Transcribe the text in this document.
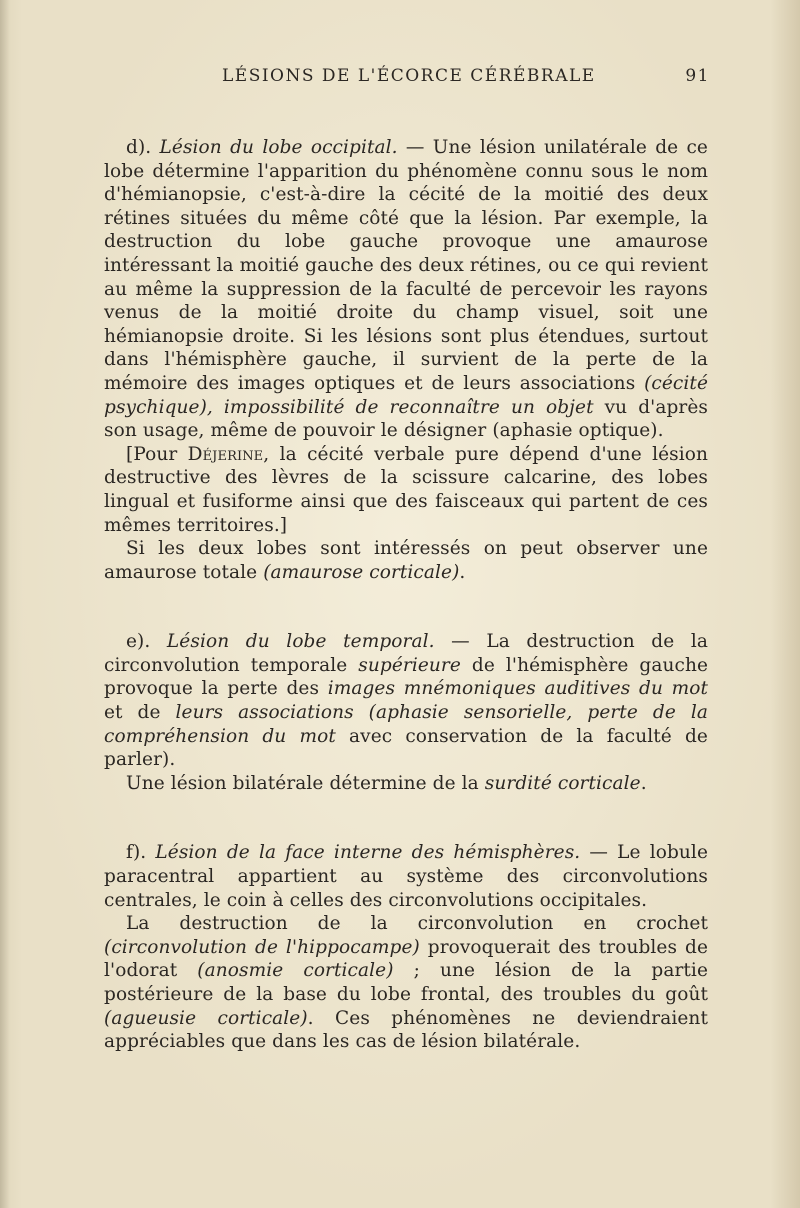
LÉSIONS DE L'ÉCORCE CÉRÉBRALE	91

d). Lésion du lobe occipital. — Une lésion unilatérale de ce lobe détermine l'apparition du phénomène connu sous le nom d'hémianopsie, c'est-à-dire la cécité de la moitié des deux rétines situées du même côté que la lésion. Par exemple, la destruction du lobe gauche provoque une amaurose intéressant la moitié gauche des deux rétines, ou ce qui revient au même la suppression de la faculté de percevoir les rayons venus de la moitié droite du champ visuel, soit une hémianopsie droite. Si les lésions sont plus étendues, surtout dans l'hémisphère gauche, il survient de la perte de la mémoire des images optiques et de leurs associations (cécité psychique), impossibilité de reconnaître un objet vu d'après son usage, même de pouvoir le désigner (aphasie optique).

[Pour Déjerine, la cécité verbale pure dépend d'une lésion destructive des lèvres de la scissure calcarine, des lobes lingual et fusiforme ainsi que des faisceaux qui partent de ces mêmes territoires.]

Si les deux lobes sont intéressés on peut observer une amaurose totale (amaurose corticale).

e). Lésion du lobe temporal. — La destruction de la circonvolution temporale supérieure de l'hémisphère gauche provoque la perte des images mnémoniques auditives du mot et de leurs associations (aphasie sensorielle, perte de la compréhension du mot avec conservation de la faculté de parler).

Une lésion bilatérale détermine de la surdité corticale.

f). Lésion de la face interne des hémisphères. — Le lobule paracentral appartient au système des circonvolutions centrales, le coin à celles des circonvolutions occipitales.

La destruction de la circonvolution en crochet (circonvolution de l'hippocampe) provoquerait des troubles de l'odorat (anosmie corticale) ; une lésion de la partie postérieure de la base du lobe frontal, des troubles du goût (agueusie corticale). Ces phénomènes ne deviendraient appréciables que dans les cas de lésion bilatérale.
